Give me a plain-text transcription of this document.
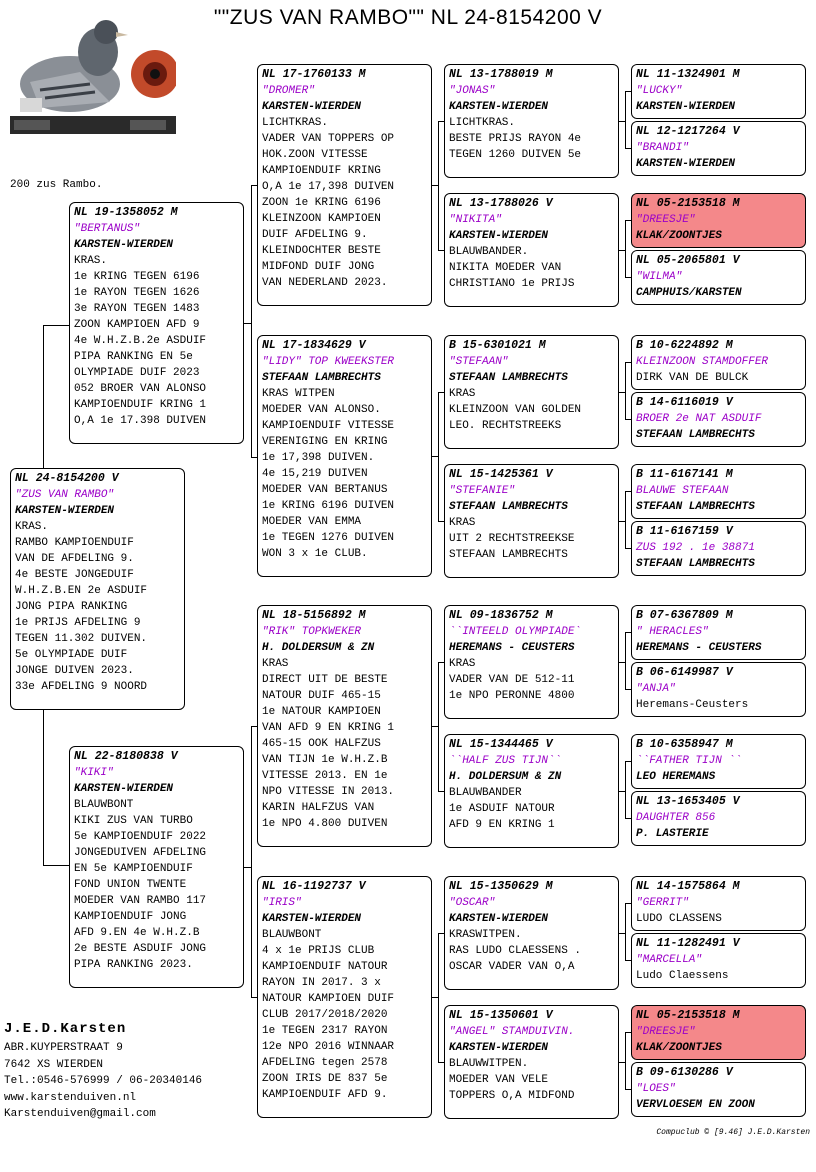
""ZUS VAN RAMBO"" NL 24-8154200 V
200 zus Rambo.
NL 24-8154200 V
"ZUS VAN RAMBO"
KARSTEN-WIERDEN
KRAS.
RAMBO KAMPIOENDUIF
VAN DE AFDELING 9.
4e BESTE JONGEDUIF
W.H.Z.B.EN 2e ASDUIF
JONG PIPA RANKING
1e PRIJS AFDELING 9
TEGEN 11.302 DUIVEN.
5e OLYMPIADE DUIF
JONGE DUIVEN 2023.
33e AFDELING 9 NOORD
NL 19-1358052 M
"BERTANUS"
KARSTEN-WIERDEN
KRAS.
1e KRING TEGEN 6196
1e RAYON TEGEN 1626
3e RAYON TEGEN 1483
ZOON KAMPIOEN AFD 9
4e W.H.Z.B.2e ASDUIF
PIPA RANKING EN 5e
OLYMPIADE DUIF 2023
052 BROER VAN ALONSO
KAMPIOENDUIF KRING 1
O,A 1e 17.398 DUIVEN
NL 22-8180838 V
"KIKI"
KARSTEN-WIERDEN
BLAUWBONT
KIKI ZUS VAN TURBO
5e KAMPIOENDUIF 2022
JONGEDUIVEN AFDELING
EN 5e KAMPIOENDUIF
FOND UNION TWENTE
MOEDER VAN RAMBO 117
KAMPIOENDUIF JONG
AFD 9.EN 4e W.H.Z.B
2e BESTE ASDUIF JONG
PIPA RANKING 2023.
NL 17-1760133 M
"DROMER"
KARSTEN-WIERDEN
LICHTKRAS.
VADER VAN TOPPERS OP
HOK.ZOON VITESSE
KAMPIOENDUIF KRING
O,A 1e 17,398 DUIVEN
ZOON 1e KRING 6196
KLEINZOON KAMPIOEN
DUIF AFDELING 9.
KLEINDOCHTER BESTE
MIDFOND DUIF JONG
VAN NEDERLAND 2023.
NL 17-1834629 V
"LIDY" TOP KWEEKSTER
STEFAAN LAMBRECHTS
KRAS WITPEN
MOEDER VAN ALONSO.
KAMPIOENDUIF VITESSE
VERENIGING EN KRING
1e 17,398 DUIVEN.
4e 15,219 DUIVEN
MOEDER VAN BERTANUS
1e KRING 6196 DUIVEN
MOEDER VAN EMMA
1e TEGEN 1276 DUIVEN
WON 3 x 1e CLUB.
NL 18-5156892 M
"RIK" TOPKWEKER
H. DOLDERSUM & ZN
KRAS
DIRECT UIT DE BESTE
NATOUR DUIF 465-15
1e NATOUR KAMPIOEN
VAN AFD 9 EN KRING 1
465-15 OOK HALFZUS
VAN TIJN 1e W.H.Z.B
VITESSE 2013. EN 1e
NPO VITESSE IN 2013.
KARIN HALFZUS VAN
1e NPO 4.800 DUIVEN
NL 16-1192737 V
"IRIS"
KARSTEN-WIERDEN
BLAUWBONT
4 x 1e PRIJS CLUB
KAMPIOENDUIF NATOUR
RAYON IN 2017. 3 x
NATOUR KAMPIOEN DUIF
CLUB 2017/2018/2020
1e TEGEN 2317 RAYON
12e NPO 2016 WINNAAR
AFDELING tegen 2578
ZOON IRIS DE 837 5e
KAMPIOENDUIF AFD 9.
NL 13-1788019 M
"JONAS"
KARSTEN-WIERDEN
LICHTKRAS.
BESTE PRIJS RAYON 4e
TEGEN 1260 DUIVEN 5e
NL 13-1788026 V
"NIKITA"
KARSTEN-WIERDEN
BLAUWBANDER.
NIKITA MOEDER VAN
CHRISTIANO 1e PRIJS
B 15-6301021 M
"STEFAAN"
STEFAAN LAMBRECHTS
KRAS
KLEINZOON VAN GOLDEN
LEO. RECHTSTREEKS
NL 15-1425361 V
"STEFANIE"
STEFAAN LAMBRECHTS
KRAS
UIT 2 RECHTSTREEKSE
STEFAAN LAMBRECHTS
NL 09-1836752 M
``INTEELD OLYMPIADE`
HEREMANS - CEUSTERS
KRAS
VADER VAN DE 512-11
1e NPO PERONNE 4800
NL 15-1344465 V
``HALF ZUS TIJN``
H. DOLDERSUM & ZN
BLAUWBANDER
1e ASDUIF NATOUR
AFD 9 EN KRING 1
NL 15-1350629 M
"OSCAR"
KARSTEN-WIERDEN
KRASWITPEN.
RAS LUDO CLAESSENS .
OSCAR VADER VAN O,A
NL 15-1350601 V
"ANGEL" STAMDUIVIN.
KARSTEN-WIERDEN
BLAUWWITPEN.
MOEDER VAN VELE
TOPPERS O,A MIDFOND
NL 11-1324901 M
"LUCKY"
KARSTEN-WIERDEN
NL 12-1217264 V
"BRANDI"
KARSTEN-WIERDEN
NL 05-2153518 M
"DREESJE"
KLAK/ZOONTJES
NL 05-2065801 V
"WILMA"
CAMPHUIS/KARSTEN
B 10-6224892 M
KLEINZOON STAMDOFFER
DIRK VAN DE BULCK
B 14-6116019 V
BROER 2e NAT ASDUIF
STEFAAN LAMBRECHTS
B 11-6167141 M
BLAUWE STEFAAN
STEFAAN LAMBRECHTS
B 11-6167159 V
ZUS 192 . 1e 38871
STEFAAN LAMBRECHTS
B 07-6367809 M
" HERACLES"
HEREMANS - CEUSTERS
B 06-6149987 V
"ANJA"
Heremans-Ceusters
B 10-6358947 M
``FATHER TIJN ``
LEO HEREMANS
NL 13-1653405 V
DAUGHTER 856
P. LASTERIE
NL 14-1575864 M
"GERRIT"
LUDO CLASSENS
NL 11-1282491 V
"MARCELLA"
Ludo Claessens
NL 05-2153518 M
"DREESJE"
KLAK/ZOONTJES
B 09-6130286 V
"LOES"
VERVLOESEM EN ZOON
J.E.D.Karsten
ABR.KUYPERSTRAAT 9
7642 XS WIERDEN
Tel.:0546-576999 / 06-20340146
www.karstenduiven.nl
Karstenduiven@gmail.com
Compuclub © [9.46] J.E.D.Karsten
